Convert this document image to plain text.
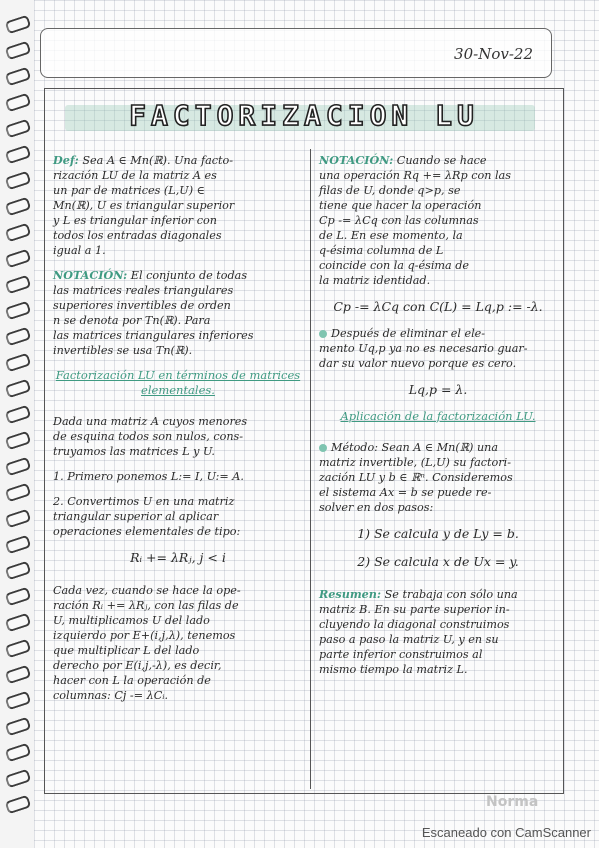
30-Nov-22
FACTORIZACION LU

Def: Sea A ∈ Mn(ℝ). Una facto-

rización LU de la matriz A es

un par de matrices (L,U) ∈

Mn(ℝ), U es triangular superior

y L es triangular inferior con

todos los entradas diagonales

igual a 1.

NOTACIÓN: El conjunto de todas

las matrices reales triangulares

superiores invertibles de orden

n se denota por Tn(ℝ). Para

las matrices triangulares inferiores

invertibles se usa Tn(ℝ).

Factorización LU en términos de matrices elementales.

Dada una matriz A cuyos menores

de esquina todos son nulos, cons-

truyamos las matrices L y U.

1. Primero ponemos L:= I, U:= A.

2. Convertimos U en una matriz

triangular superior al aplicar

operaciones elementales de tipo:

Rᵢ += λRⱼ, j < i

Cada vez, cuando se hace la ope-

ración Rᵢ += λRⱼ, con las filas de

U, multiplicamos U del lado

izquierdo por E+(i,j,λ), tenemos

que multiplicar L del lado

derecho por E(i,j,-λ), es decir,

hacer con L la operación de

columnas: Cj -= λCᵢ.

NOTACIÓN: Cuando se hace

una operación Rq += λRp con las

filas de U, donde q>p, se

tiene que hacer la operación

Cp -= λCq con las columnas

de L. En ese momento, la

q-ésima columna de L

coincide con la q-ésima de

la matriz identidad.

Cp -= λCq con C(L) = Lq,p := -λ.

Después de eliminar el ele-

mento Uq,p ya no es necesario guar-

dar su valor nuevo porque es cero.

Lq,p = λ.

Aplicación de la factorización LU.

Método: Sean A ∈ Mn(ℝ) una

matriz invertible, (L,U) su factori-

zación LU y b ∈ ℝⁿ. Consideremos

el sistema Ax = b se puede re-

solver en dos pasos:

1) Se calcula y de Ly = b.

2) Se calcula x de Ux = y.

Resumen: Se trabaja con sólo una

matriz B. En su parte superior in-

cluyendo la diagonal construimos

paso a paso la matriz U, y en su

parte inferior construimos al

mismo tiempo la matriz L.

Norma
Escaneado con CamScanner
